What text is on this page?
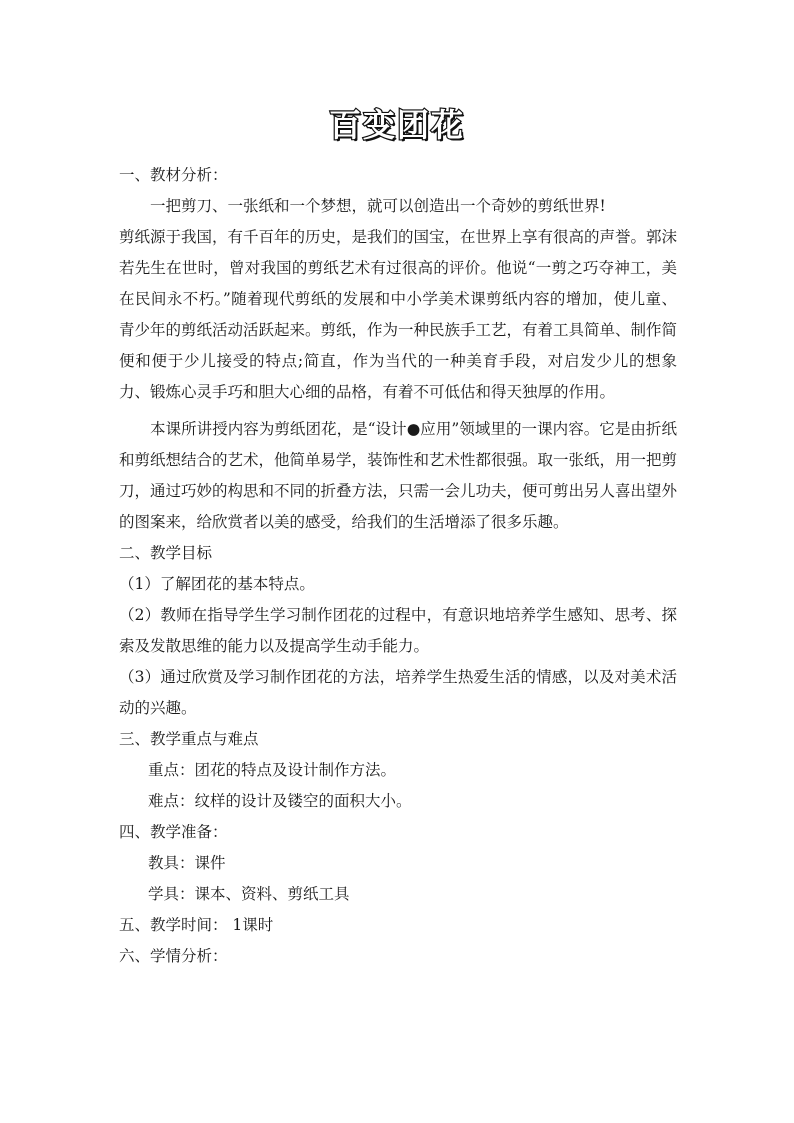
百变团花

一、教材分析：

一把剪刀、一张纸和一个梦想，就可以创造出一个奇妙的剪纸世界!

剪纸源于我国，有千百年的历史，是我们的国宝，在世界上享有很高的声誉。郭沫若先生在世时，曾对我国的剪纸艺术有过很高的评价。他说“一剪之巧夺神工，美在民间永不朽。”随着现代剪纸的发展和中小学美术课剪纸内容的增加，使儿童、青少年的剪纸活动活跃起来。剪纸，作为一种民族手工艺，有着工具简单、制作简便和便于少儿接受的特点;简直，作为当代的一种美育手段，对启发少儿的想象力、锻炼心灵手巧和胆大心细的品格，有着不可低估和得天独厚的作用。

本课所讲授内容为剪纸团花，是“设计●应用”领域里的一课内容。它是由折纸和剪纸想结合的艺术，他简单易学，装饰性和艺术性都很强。取一张纸，用一把剪刀，通过巧妙的构思和不同的折叠方法，只需一会儿功夫，便可剪出另人喜出望外的图案来，给欣赏者以美的感受，给我们的生活增添了很多乐趣。

二、教学目标

（1）了解团花的基本特点。

（2）教师在指导学生学习制作团花的过程中，有意识地培养学生感知、思考、探索及发散思维的能力以及提高学生动手能力。

（3）通过欣赏及学习制作团花的方法，培养学生热爱生活的情感，以及对美术活动的兴趣。

三、教学重点与难点

重点：团花的特点及设计制作方法。

难点：纹样的设计及镂空的面积大小。

四、教学准备：

教具：课件

学具：课本、资料、剪纸工具

五、教学时间： 1课时

六、学情分析：
